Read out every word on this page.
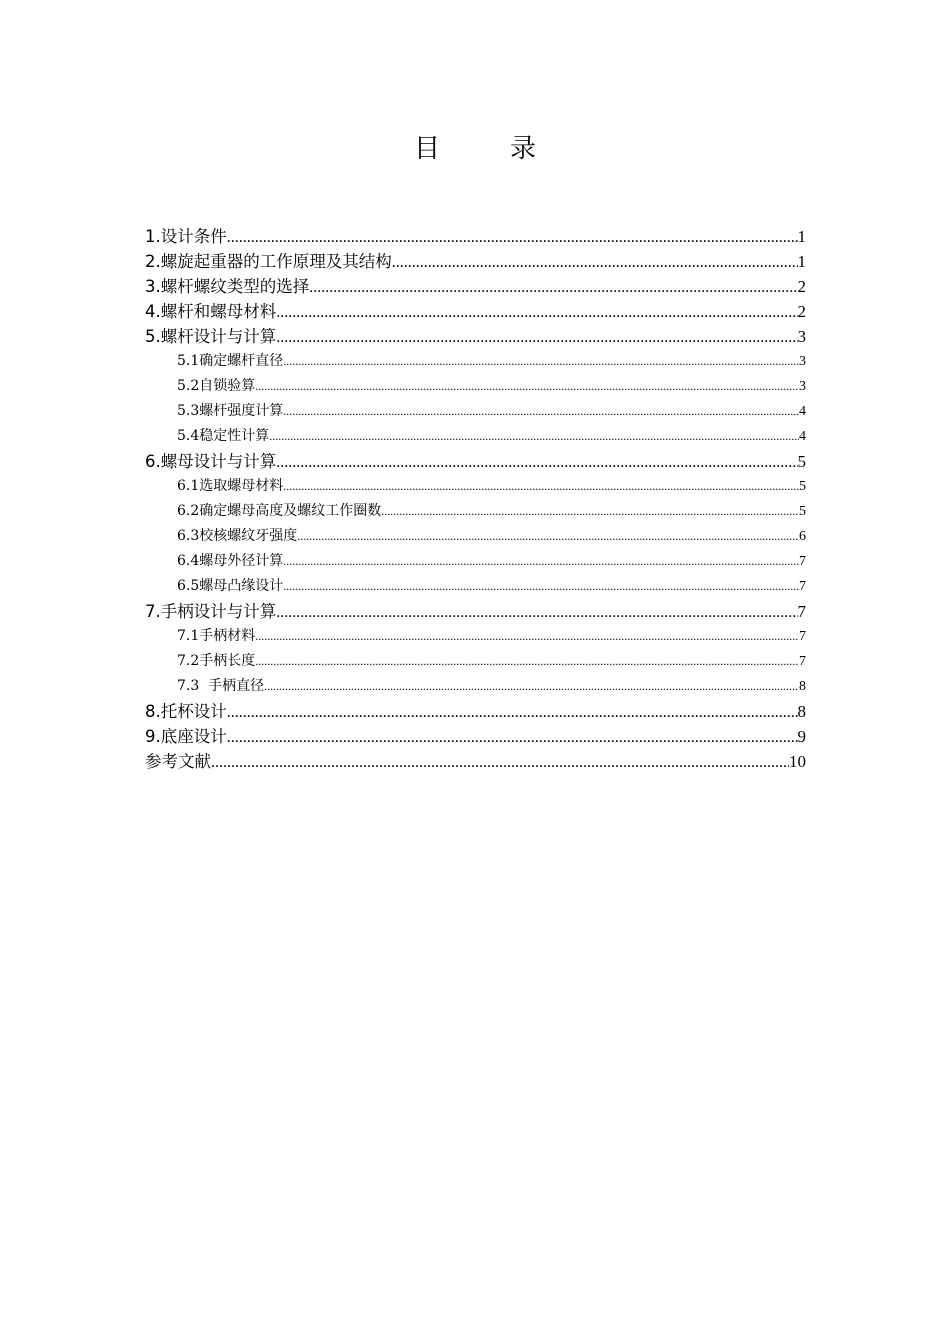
目　录
1. 设计条件 .....	1
2. 螺旋起重器的工作原理及其结构 .....	1
3. 螺杆螺纹类型的选择 .....	2
4. 螺杆和螺母材料 .....	2
5. 螺杆设计与计算 .....	3
5.1 确定螺杆直径 .....	3
5.2 自锁验算 .....	3
5.3 螺杆强度计算 .....	4
5.4 稳定性计算 .....	4
6. 螺母设计与计算 .....	5
6.1 选取螺母材料 .....	5
6.2 确定螺母高度及螺纹工作圈数 .....	5
6.3 校核螺纹牙强度 .....	6
6.4 螺母外径计算 .....	7
6.5 螺母凸缘设计 .....	7
7. 手柄设计与计算 .....	7
7.1 手柄材料 .....	7
7.2 手柄长度 .....	7
7.3 手柄直径 .....	8
8. 托杯设计 .....	8
9. 底座设计 .....	9
参考文献 .....	10
